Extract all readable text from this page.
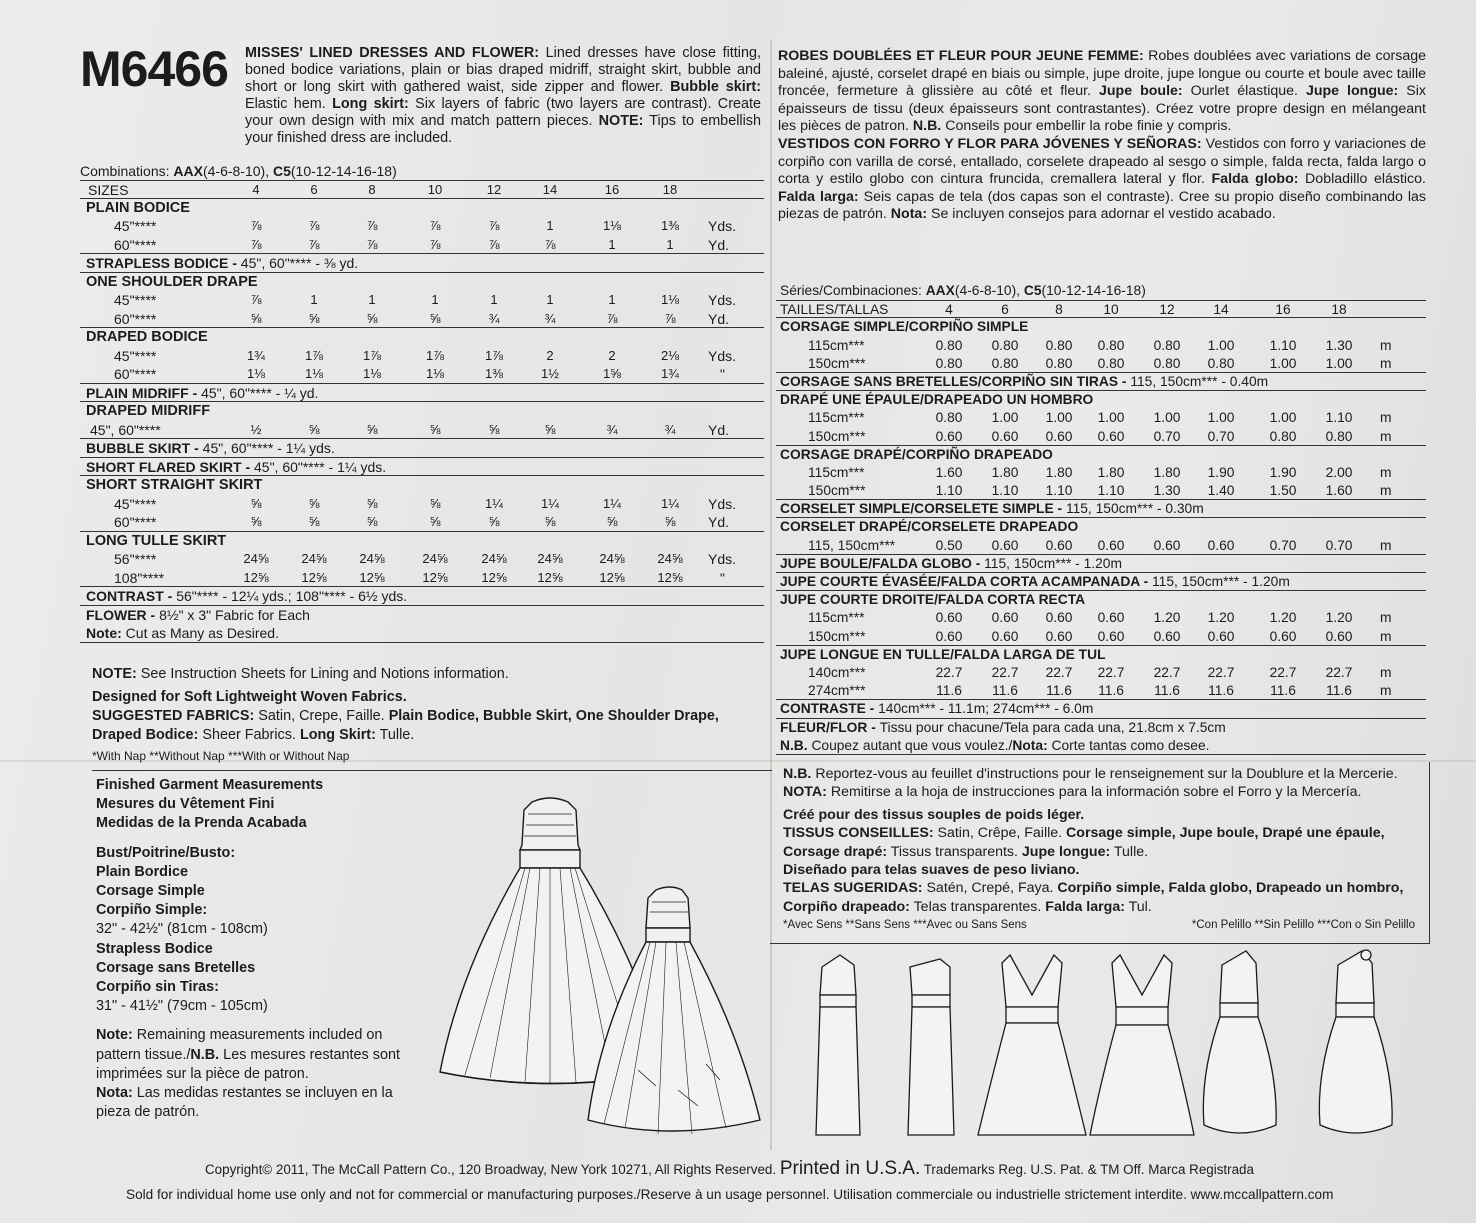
M6466 MISSES' LINED DRESSES AND FLOWER: Lined dresses have close fitting, boned bodice variations, plain or bias draped midriff, straight skirt, bubble and short or long skirt with gathered waist, side zipper and flower. Bubble skirt: Elastic hem. Long skirt: Six layers of fabric (two layers are contrast). Create your own design with mix and match pattern pieces. NOTE: Tips to embellish your finished dress are included.
Combinations: AAX(4-6-8-10), C5(10-12-14-16-18)
SIZES	4	6	8	10	12	14	16	18
PLAIN BODICE
45"****	⅞	⅞	⅞	⅞	⅞	1	1⅛	1⅜	Yds.
60"****	⅞	⅞	⅞	⅞	⅞	⅞	1	1	Yd.
STRAPLESS BODICE - 45", 60"**** - ⅜ yd.
ONE SHOULDER DRAPE
45"****	⅞	1	1	1	1	1	1	1⅛	Yds.
60"****	⅝	⅝	⅝	⅝	¾	¾	⅞	⅞	Yd.
DRAPED BODICE
45"****	1¾	1⅞	1⅞	1⅞	1⅞	2	2	2⅛	Yds.
60"****	1⅛	1⅛	1⅛	1⅛	1⅜	1½	1⅝	1¾	"
PLAIN MIDRIFF - 45", 60"**** - ¼ yd.
DRAPED MIDRIFF
45", 60"****	½	⅝	⅝	⅝	⅝	⅝	¾	¾	Yd.
BUBBLE SKIRT - 45", 60"**** - 1¼ yds.
SHORT FLARED SKIRT - 45", 60"**** - 1¼ yds.
SHORT STRAIGHT SKIRT
45"****	⅝	⅝	⅝	⅝	1¼	1¼	1¼	1¼	Yds.
60"****	⅝	⅝	⅝	⅝	⅝	⅝	⅝	⅝	Yd.
LONG TULLE SKIRT
56"****	24⅝	24⅝	24⅝	24⅝	24⅝	24⅝	24⅝	24⅝	Yds.
108"****	12⅝	12⅝	12⅝	12⅝	12⅝	12⅝	12⅝	12⅝	"
CONTRAST - 56"**** - 12¼ yds.; 108"**** - 6½ yds.
FLOWER - 8½" x 3" Fabric for Each
Note: Cut as Many as Desired.
NOTE: See Instruction Sheets for Lining and Notions information.
Designed for Soft Lightweight Woven Fabrics.
SUGGESTED FABRICS: Satin, Crepe, Faille. Plain Bodice, Bubble Skirt, One Shoulder Drape, Draped Bodice: Sheer Fabrics. Long Skirt: Tulle.
*With Nap **Without Nap ***With or Without Nap

Finished Garment Measurements

Mesures du Vêtement Fini

Medidas de la Prenda Acabada

Bust/Poitrine/Busto:

Plain Bordice

Corsage Simple

Corpiño Simple:

32" - 42½" (81cm - 108cm)

Strapless Bodice

Corsage sans Bretelles

Corpiño sin Tiras:

31" - 41½" (79cm - 105cm)

Note: Remaining measurements included on pattern tissue./N.B. Les mesures restantes sont imprimées sur la pièce de patron.

Nota: Las medidas restantes se incluyen en la pieza de patrón.

ROBES DOUBLÉES ET FLEUR POUR JEUNE FEMME: Robes doublées avec variations de corsage baleiné, ajusté, corselet drapé en biais ou simple, jupe droite, jupe longue ou courte et boule avec taille froncée, fermeture à glissière au côté et fleur. Jupe boule: Ourlet élastique. Jupe longue: Six épaisseurs de tissu (deux épaisseurs sont contrastantes). Créez votre propre design en mélangeant les pièces de patron. N.B. Conseils pour embellir la robe finie y compris.
VESTIDOS CON FORRO Y FLOR PARA JÓVENES Y SEÑORAS: Vestidos con forro y variaciones de corpiño con varilla de corsé, entallado, corselete drapeado al sesgo o simple, falda recta, falda largo o corta y estilo globo con cintura fruncida, cremallera lateral y flor. Falda globo: Dobladillo elástico. Falda larga: Seis capas de tela (dos capas son el contraste). Cree su propio diseño combinando las piezas de patrón. Nota: Se incluyen consejos para adornar el vestido acabado.
Séries/Combinaciones: AAX(4-6-8-10), C5(10-12-14-16-18)
TAILLES/TALLAS	4	6	8	10	12	14	16	18
CORSAGE SIMPLE/CORPIÑO SIMPLE
115cm***	0.80	0.80	0.80	0.80	0.80	1.00	1.10	1.30	m
150cm***	0.80	0.80	0.80	0.80	0.80	0.80	1.00	1.00	m
CORSAGE SANS BRETELLES/CORPIÑO SIN TIRAS - 115, 150cm*** - 0.40m
DRAPÉ UNE ÉPAULE/DRAPEADO UN HOMBRO
115cm***	0.80	1.00	1.00	1.00	1.00	1.00	1.00	1.10	m
150cm***	0.60	0.60	0.60	0.60	0.70	0.70	0.80	0.80	m
CORSAGE DRAPÉ/CORPIÑO DRAPEADO
115cm***	1.60	1.80	1.80	1.80	1.80	1.90	1.90	2.00	m
150cm***	1.10	1.10	1.10	1.10	1.30	1.40	1.50	1.60	m
CORSELET SIMPLE/CORSELETE SIMPLE - 115, 150cm*** - 0.30m
CORSELET DRAPÉ/CORSELETE DRAPEADO
115, 150cm***	0.50	0.60	0.60	0.60	0.60	0.60	0.70	0.70	m
JUPE BOULE/FALDA GLOBO - 115, 150cm*** - 1.20m
JUPE COURTE ÉVASÉE/FALDA CORTA ACAMPANADA - 115, 150cm*** - 1.20m
JUPE COURTE DROITE/FALDA CORTA RECTA
115cm***	0.60	0.60	0.60	0.60	1.20	1.20	1.20	1.20	m
150cm***	0.60	0.60	0.60	0.60	0.60	0.60	0.60	0.60	m
JUPE LONGUE EN TULLE/FALDA LARGA DE TUL
140cm***	22.7	22.7	22.7	22.7	22.7	22.7	22.7	22.7	m
274cm***	11.6	11.6	11.6	11.6	11.6	11.6	11.6	11.6	m
CONTRASTE - 140cm*** - 11.1m; 274cm*** - 6.0m
FLEUR/FLOR - Tissu pour chacune/Tela para cada una, 21.8cm x 7.5cm
N.B. Coupez autant que vous voulez./Nota: Corte tantas como desee.
N.B. Reportez-vous au feuillet d'instructions pour le renseignement sur la Doublure et la Mercerie.
NOTA: Remitirse a la hoja de instrucciones para la información sobre el Forro y la Mercería.
Créé pour des tissus souples de poids léger.
TISSUS CONSEILLES: Satin, Crêpe, Faille. Corsage simple, Jupe boule, Drapé une épaule, Corsage drapé: Tissus transparents. Jupe longue: Tulle.
Diseñado para telas suaves de peso liviano.
TELAS SUGERIDAS: Satén, Crepé, Faya. Corpiño simple, Falda globo, Drapeado un hombro, Corpiño drapeado: Telas transparentes. Falda larga: Tul.
*Avec Sens **Sans Sens ***Avec ou Sans Sens	*Con Pelillo **Sin Pelillo ***Con o Sin Pelillo
Copyright© 2011, The McCall Pattern Co., 120 Broadway, New York 10271, All Rights Reserved. Printed in U.S.A. Trademarks Reg. U.S. Pat. & TM Off. Marca Registrada
Sold for individual home use only and not for commercial or manufacturing purposes./Reserve à un usage personnel. Utilisation commerciale ou industrielle strictement interdite. www.mccallpattern.com
